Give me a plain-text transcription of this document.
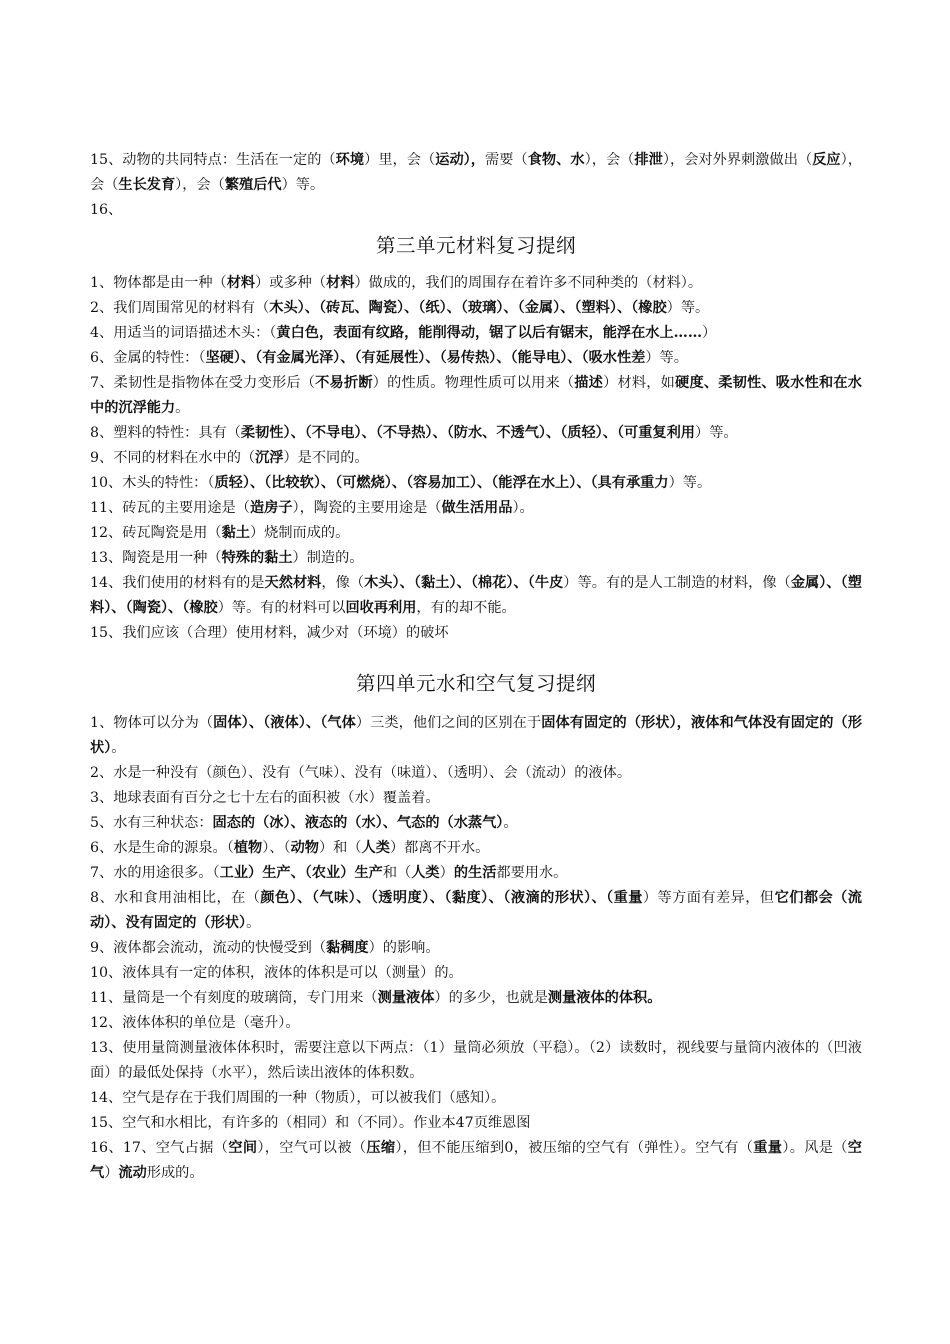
15、动物的共同特点：生活在一定的（环境）里，会（运动），需要（食物、水），会（排泄），会对外界刺激做出（反应），会（生长发育），会（繁殖后代）等。

16、

第三单元材料复习提纲

1、物体都是由一种（材料）或多种（材料）做成的，我们的周围存在着许多不同种类的（材料）。

2、我们周围常见的材料有（木头）、（砖瓦、陶瓷）、（纸）、（玻璃）、（金属）、（塑料）、（橡胶）等。

4、用适当的词语描述木头：（黄白色，表面有纹路，能削得动，锯了以后有锯末，能浮在水上……）

6、金属的特性：（坚硬）、（有金属光泽）、（有延展性）、（易传热）、（能导电）、（吸水性差）等。

7、柔韧性是指物体在受力变形后（不易折断）的性质。物理性质可以用来（描述）材料，如硬度、柔韧性、吸水性和在水中的沉浮能力。

8、塑料的特性：具有（柔韧性）、（不导电）、（不导热）、（防水、不透气）、（质轻）、（可重复利用）等。

9、不同的材料在水中的（沉浮）是不同的。

10、木头的特性：（质轻）、（比较软）、（可燃烧）、（容易加工）、（能浮在水上）、（具有承重力）等。

11、砖瓦的主要用途是（造房子），陶瓷的主要用途是（做生活用品）。

12、砖瓦陶瓷是用（黏土）烧制而成的。

13、陶瓷是用一种（特殊的黏土）制造的。

14、我们使用的材料有的是天然材料，像（木头）、（黏土）、（棉花）、（牛皮）等。有的是人工制造的材料，像（金属）、（塑料）、（陶瓷）、（橡胶）等。有的材料可以回收再利用，有的却不能。

15、我们应该（合理）使用材料，减少对（环境）的破坏

第四单元水和空气复习提纲

1、物体可以分为（固体）、（液体）、（气体）三类，他们之间的区别在于固体有固定的（形状），液体和气体没有固定的（形状）。

2、水是一种没有（颜色）、没有（气味）、没有（味道）、（透明）、会（流动）的液体。

3、地球表面有百分之七十左右的面积被（水）覆盖着。

5、水有三种状态：固态的（冰）、液态的（水）、气态的（水蒸气）。

6、水是生命的源泉。（植物）、（动物）和（人类）都离不开水。

7、水的用途很多。（工业）生产、（农业）生产和（人类）的生活都要用水。

8、水和食用油相比，在（颜色）、（气味）、（透明度）、（黏度）、（液滴的形状）、（重量）等方面有差异，但它们都会（流动）、没有固定的（形状）。

9、液体都会流动，流动的快慢受到（黏稠度）的影响。

10、液体具有一定的体积，液体的体积是可以（测量）的。

11、量筒是一个有刻度的玻璃筒，专门用来（测量液体）的多少，也就是测量液体的体积。

12、液体体积的单位是（毫升）。

13、使用量筒测量液体体积时，需要注意以下两点：（1）量筒必须放（平稳）。（2）读数时，视线要与量筒内液体的（凹液面）的最低处保持（水平），然后读出液体的体积数。

14、空气是存在于我们周围的一种（物质），可以被我们（感知）。

15、空气和水相比，有许多的（相同）和（不同）。作业本47页维恩图

16、17、空气占据（空间），空气可以被（压缩），但不能压缩到0，被压缩的空气有（弹性）。空气有（重量）。风是（空气）流动形成的。
